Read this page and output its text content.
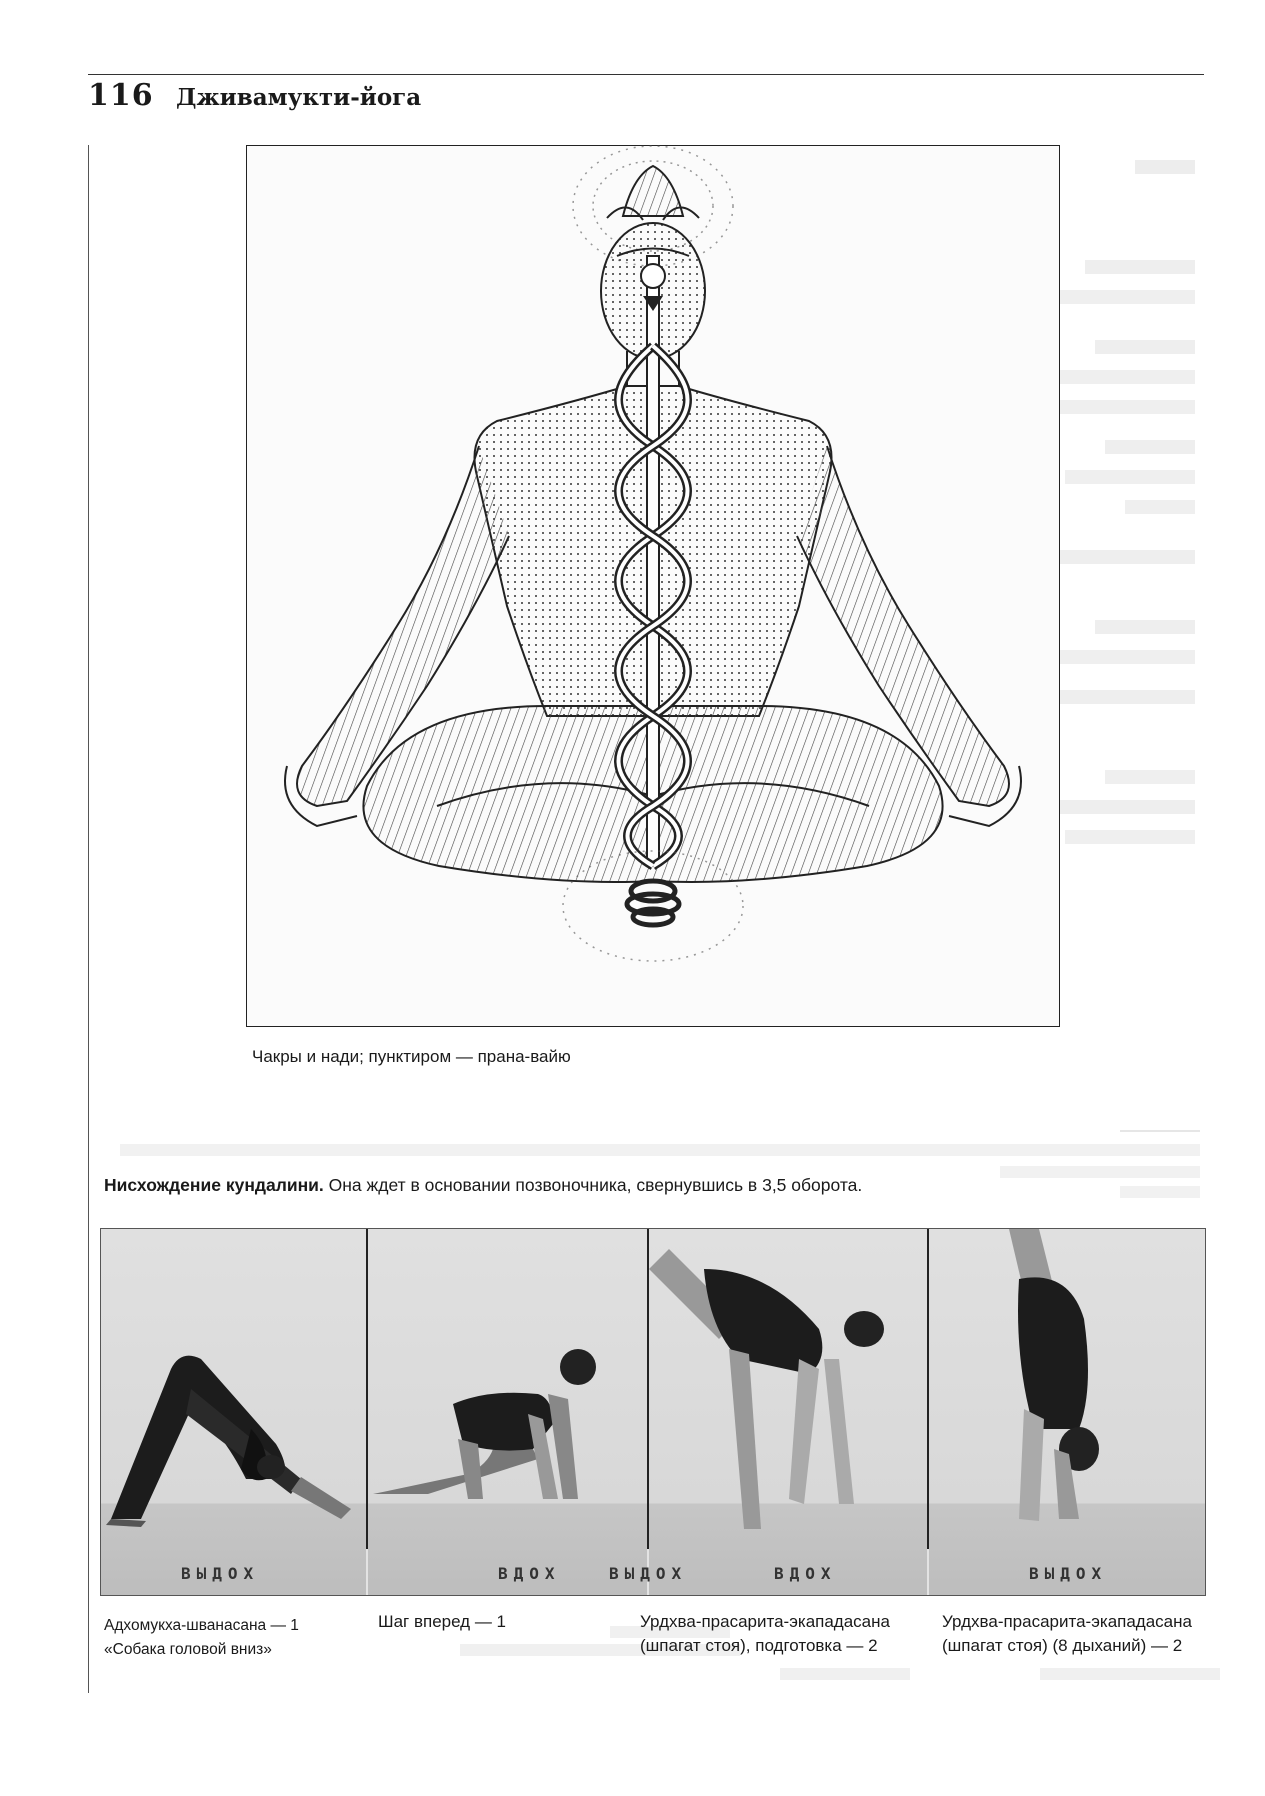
116 Дживамукти-йога
Чакры и нади; пунктиром — прана-вайю
Нисхождение кундалини. Она ждет в основании позвоночника, свернувшись в 3,5 оборота.
ВЫДОХ	ВДОХ	ВЫДОХ	ВДОХ	ВЫДОХ
Адхомукха-шванасана — 1
«Собака головой вниз»
Шаг вперед — 1	Урдхва-прасарита-экападасана
(шпагат стоя), подготовка — 2
Урдхва-прасарита-экападасана
(шпагат стоя) (8 дыханий) — 2
